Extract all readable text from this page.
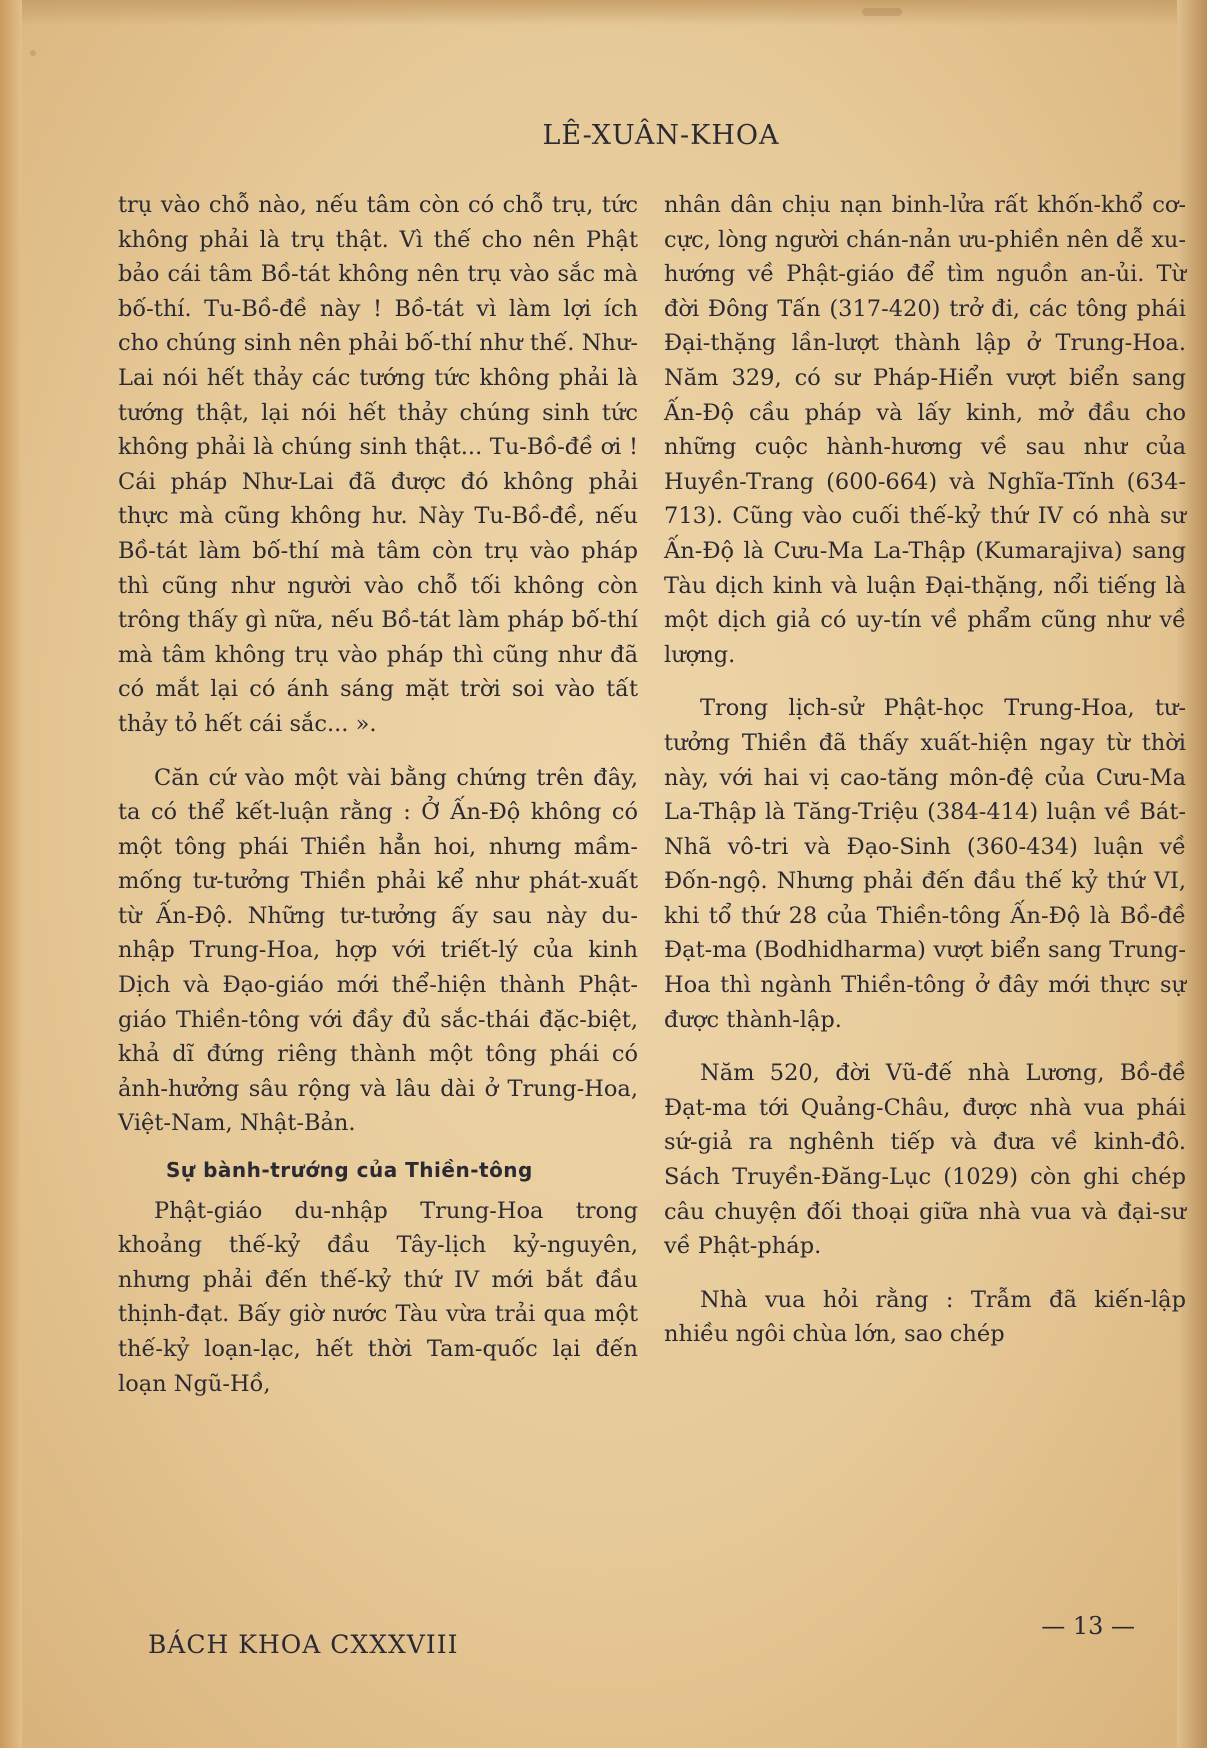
LÊ-XUÂN-KHOA

trụ vào chỗ nào, nếu tâm còn có chỗ trụ, tức không phải là trụ thật. Vì thế cho nên Phật bảo cái tâm Bồ-tát không nên trụ vào sắc mà bố-thí. Tu-Bồ-đề này ! Bồ-tát vì làm lợi ích cho chúng sinh nên phải bố-thí như thế. Như-Lai nói hết thảy các tướng tức không phải là tướng thật, lại nói hết thảy chúng sinh tức không phải là chúng sinh thật... Tu-Bồ-đề ơi ! Cái pháp Như-Lai đã được đó không phải thực mà cũng không hư. Này Tu-Bồ-đề, nếu Bồ-tát làm bố-thí mà tâm còn trụ vào pháp thì cũng như người vào chỗ tối không còn trông thấy gì nữa, nếu Bồ-tát làm pháp bố-thí mà tâm không trụ vào pháp thì cũng như đã có mắt lại có ánh sáng mặt trời soi vào tất thảy tỏ hết cái sắc... ».

Căn cứ vào một vài bằng chứng trên đây, ta có thể kết-luận rằng : Ở Ấn-Độ không có một tông phái Thiền hẳn hoi, nhưng mầm-mống tư-tưởng Thiền phải kể như phát-xuất từ Ấn-Độ. Những tư-tưởng ấy sau này du-nhập Trung-Hoa, hợp với triết-lý của kinh Dịch và Đạo-giáo mới thể-hiện thành Phật-giáo Thiền-tông với đầy đủ sắc-thái đặc-biệt, khả dĩ đứng riêng thành một tông phái có ảnh-hưởng sâu rộng và lâu dài ở Trung-Hoa, Việt-Nam, Nhật-Bản.

Sự bành-trướng của Thiền-tông

Phật-giáo du-nhập Trung-Hoa trong khoảng thế-kỷ đầu Tây-lịch kỷ-nguyên, nhưng phải đến thế-kỷ thứ IV mới bắt đầu thịnh-đạt. Bấy giờ nước Tàu vừa trải qua một thế-kỷ loạn-lạc, hết thời Tam-quốc lại đến loạn Ngũ-Hồ,

nhân dân chịu nạn binh-lửa rất khốn-khổ cơ-cực, lòng người chán-nản ưu-phiền nên dễ xu-hướng về Phật-giáo để tìm nguồn an-ủi. Từ đời Đông Tấn (317-420) trở đi, các tông phái Đại-thặng lần-lượt thành lập ở Trung-Hoa. Năm 329, có sư Pháp-Hiển vượt biển sang Ấn-Độ cầu pháp và lấy kinh, mở đầu cho những cuộc hành-hương về sau như của Huyền-Trang (600-664) và Nghĩa-Tĩnh (634-713). Cũng vào cuối thế-kỷ thứ IV có nhà sư Ấn-Độ là Cưu-Ma La-Thập (Kumarajiva) sang Tàu dịch kinh và luận Đại-thặng, nổi tiếng là một dịch giả có uy-tín về phẩm cũng như về lượng.

Trong lịch-sử Phật-học Trung-Hoa, tư-tưởng Thiền đã thấy xuất-hiện ngay từ thời này, với hai vị cao-tăng môn-đệ của Cưu-Ma La-Thập là Tăng-Triệu (384-414) luận về Bát-Nhã vô-tri và Đạo-Sinh (360-434) luận về Đốn-ngộ. Nhưng phải đến đầu thế kỷ thứ VI, khi tổ thứ 28 của Thiền-tông Ấn-Độ là Bồ-đề Đạt-ma (Bodhidharma) vượt biển sang Trung-Hoa thì ngành Thiền-tông ở đây mới thực sự được thành-lập.

Năm 520, đời Vũ-đế nhà Lương, Bồ-đề Đạt-ma tới Quảng-Châu, được nhà vua phái sứ-giả ra nghênh tiếp và đưa về kinh-đô. Sách Truyền-Đăng-Lục (1029) còn ghi chép câu chuyện đối thoại giữa nhà vua và đại-sư về Phật-pháp.

Nhà vua hỏi rằng : Trẫm đã kiến-lập nhiều ngôi chùa lớn, sao chép

BÁCH KHOA CXXXVIII
— 13 —
